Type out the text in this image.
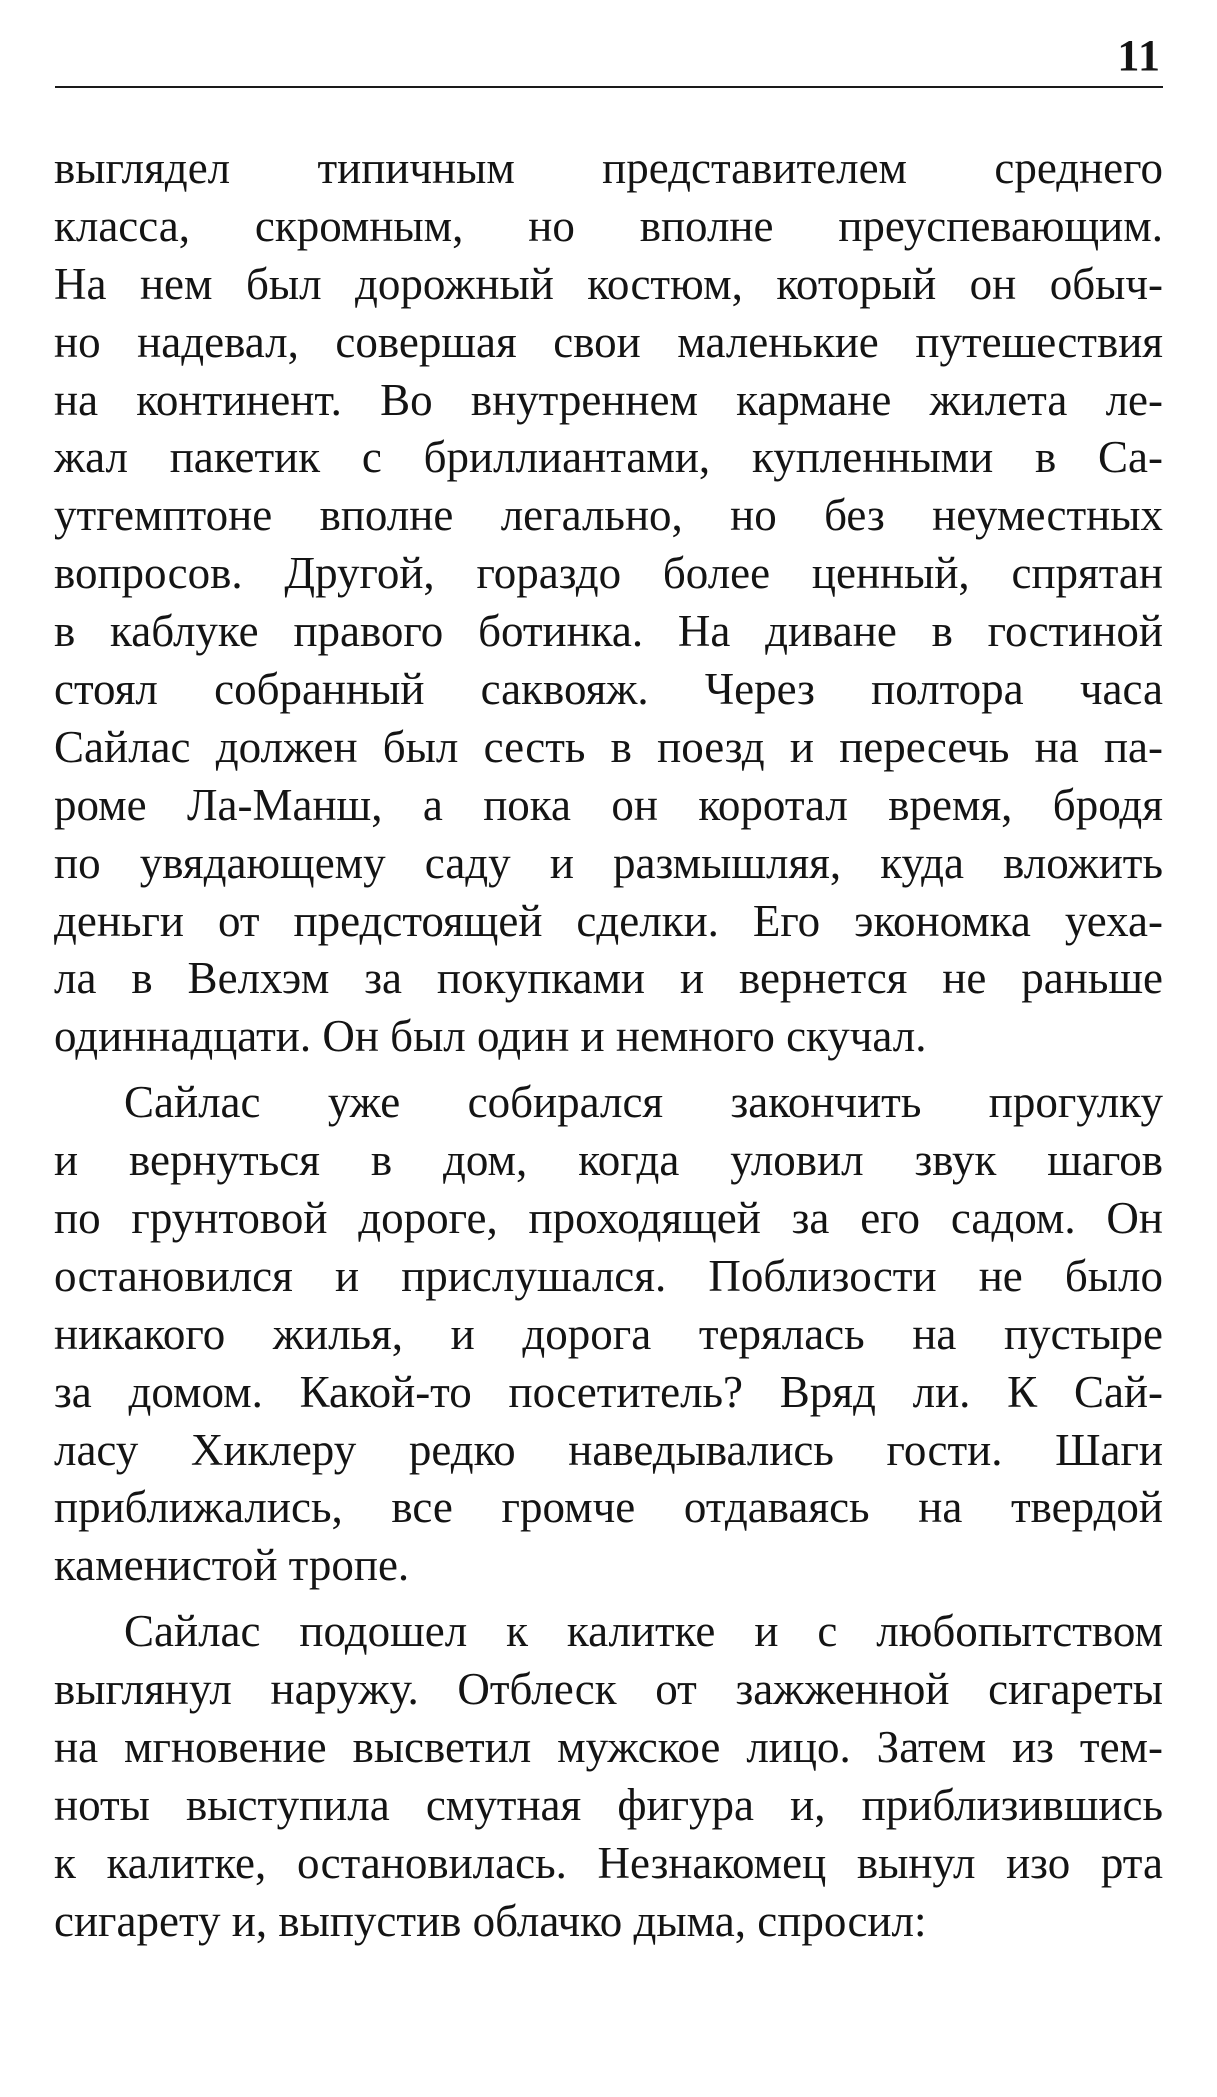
11
выглядел типичным представителем среднего
класса, скромным, но вполне преуспевающим.
На нем был дорожный костюм, который он обыч-
но надевал, совершая свои маленькие путешествия
на континент. Во внутреннем кармане жилета ле-
жал пакетик с бриллиантами, купленными в Са-
утгемптоне вполне легально, но без неуместных
вопросов. Другой, гораздо более ценный, спрятан
в каблуке правого ботинка. На диване в гостиной
стоял собранный саквояж. Через полтора часа
Сайлас должен был сесть в поезд и пересечь на па-
роме Ла-Манш, а пока он коротал время, бродя
по увядающему саду и размышляя, куда вложить
деньги от предстоящей сделки. Его экономка уеха-
ла в Велхэм за покупками и вернется не раньше
одиннадцати. Он был один и немного скучал.
Сайлас уже собирался закончить прогулку
и вернуться в дом, когда уловил звук шагов
по грунтовой дороге, проходящей за его садом. Он
остановился и прислушался. Поблизости не было
никакого жилья, и дорога терялась на пустыре
за домом. Какой-то посетитель? Вряд ли. К Сай-
ласу Хиклеру редко наведывались гости. Шаги
приближались, все громче отдаваясь на твердой
каменистой тропе.
Сайлас подошел к калитке и с любопытством
выглянул наружу. Отблеск от зажженной сигареты
на мгновение высветил мужское лицо. Затем из тем-
ноты выступила смутная фигура и, приблизившись
к калитке, остановилась. Незнакомец вынул изо рта
сигарету и, выпустив облачко дыма, спросил:
